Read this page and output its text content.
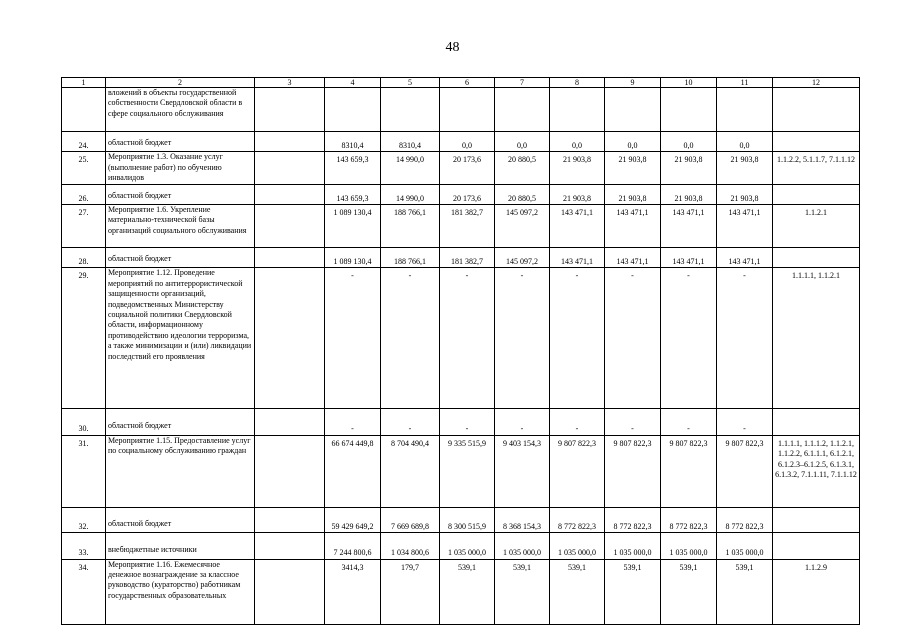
48
1	2	3	4	5	6	7	8	9	10	11	12
	вложений в объекты государственной собственности Свердловской области в сфере социального обслуживания										
24.	областной бюджет		8310,4	8310,4	0,0	0,0	0,0	0,0	0,0	0,0	
25.	Мероприятие 1.3. Оказание услуг (выполнение работ) по обучению инвалидов		143 659,3	14 990,0	20 173,6	20 880,5	21 903,8	21 903,8	21 903,8	21 903,8	1.1.2.2, 5.1.1.7, 7.1.1.12
26.	областной бюджет		143 659,3	14 990,0	20 173,6	20 880,5	21 903,8	21 903,8	21 903,8	21 903,8	
27.	Мероприятие 1.6. Укрепление материально-технической базы организаций социального обслуживания		1 089 130,4	188 766,1	181 382,7	145 097,2	143 471,1	143 471,1	143 471,1	143 471,1	1.1.2.1
28.	областной бюджет		1 089 130,4	188 766,1	181 382,7	145 097,2	143 471,1	143 471,1	143 471,1	143 471,1	
29.	Мероприятие 1.12. Проведение мероприятий по антитеррористической защищенности организаций, подведомственных Министерству социальной политики Свердловской области, информационному противодействию идеологии терроризма, а также минимизации и (или) ликвидации последствий его проявления		-	-	-	-	-	-	-	-	1.1.1.1, 1.1.2.1
30.	областной бюджет		-	-	-	-	-	-	-	-	
31.	Мероприятие 1.15. Предоставление услуг по социальному обслуживанию граждан		66 674 449,8	8 704 490,4	9 335 515,9	9 403 154,3	9 807 822,3	9 807 822,3	9 807 822,3	9 807 822,3	1.1.1.1, 1.1.1.2, 1.1.2.1, 1.1.2.2, 6.1.1.1, 6.1.2.1, 6.1.2.3–6.1.2.5, 6.1.3.1, 6.1.3.2, 7.1.1.11, 7.1.1.12
32.	областной бюджет		59 429 649,2	7 669 689,8	8 300 515,9	8 368 154,3	8 772 822,3	8 772 822,3	8 772 822,3	8 772 822,3	
33.	внебюджетные источники		7 244 800,6	1 034 800,6	1 035 000,0	1 035 000,0	1 035 000,0	1 035 000,0	1 035 000,0	1 035 000,0	
34.	Мероприятие 1.16. Ежемесячное денежное вознаграждение за классное руководство (кураторство) работникам государственных образовательных		3414,3	179,7	539,1	539,1	539,1	539,1	539,1	539,1	1.1.2.9
